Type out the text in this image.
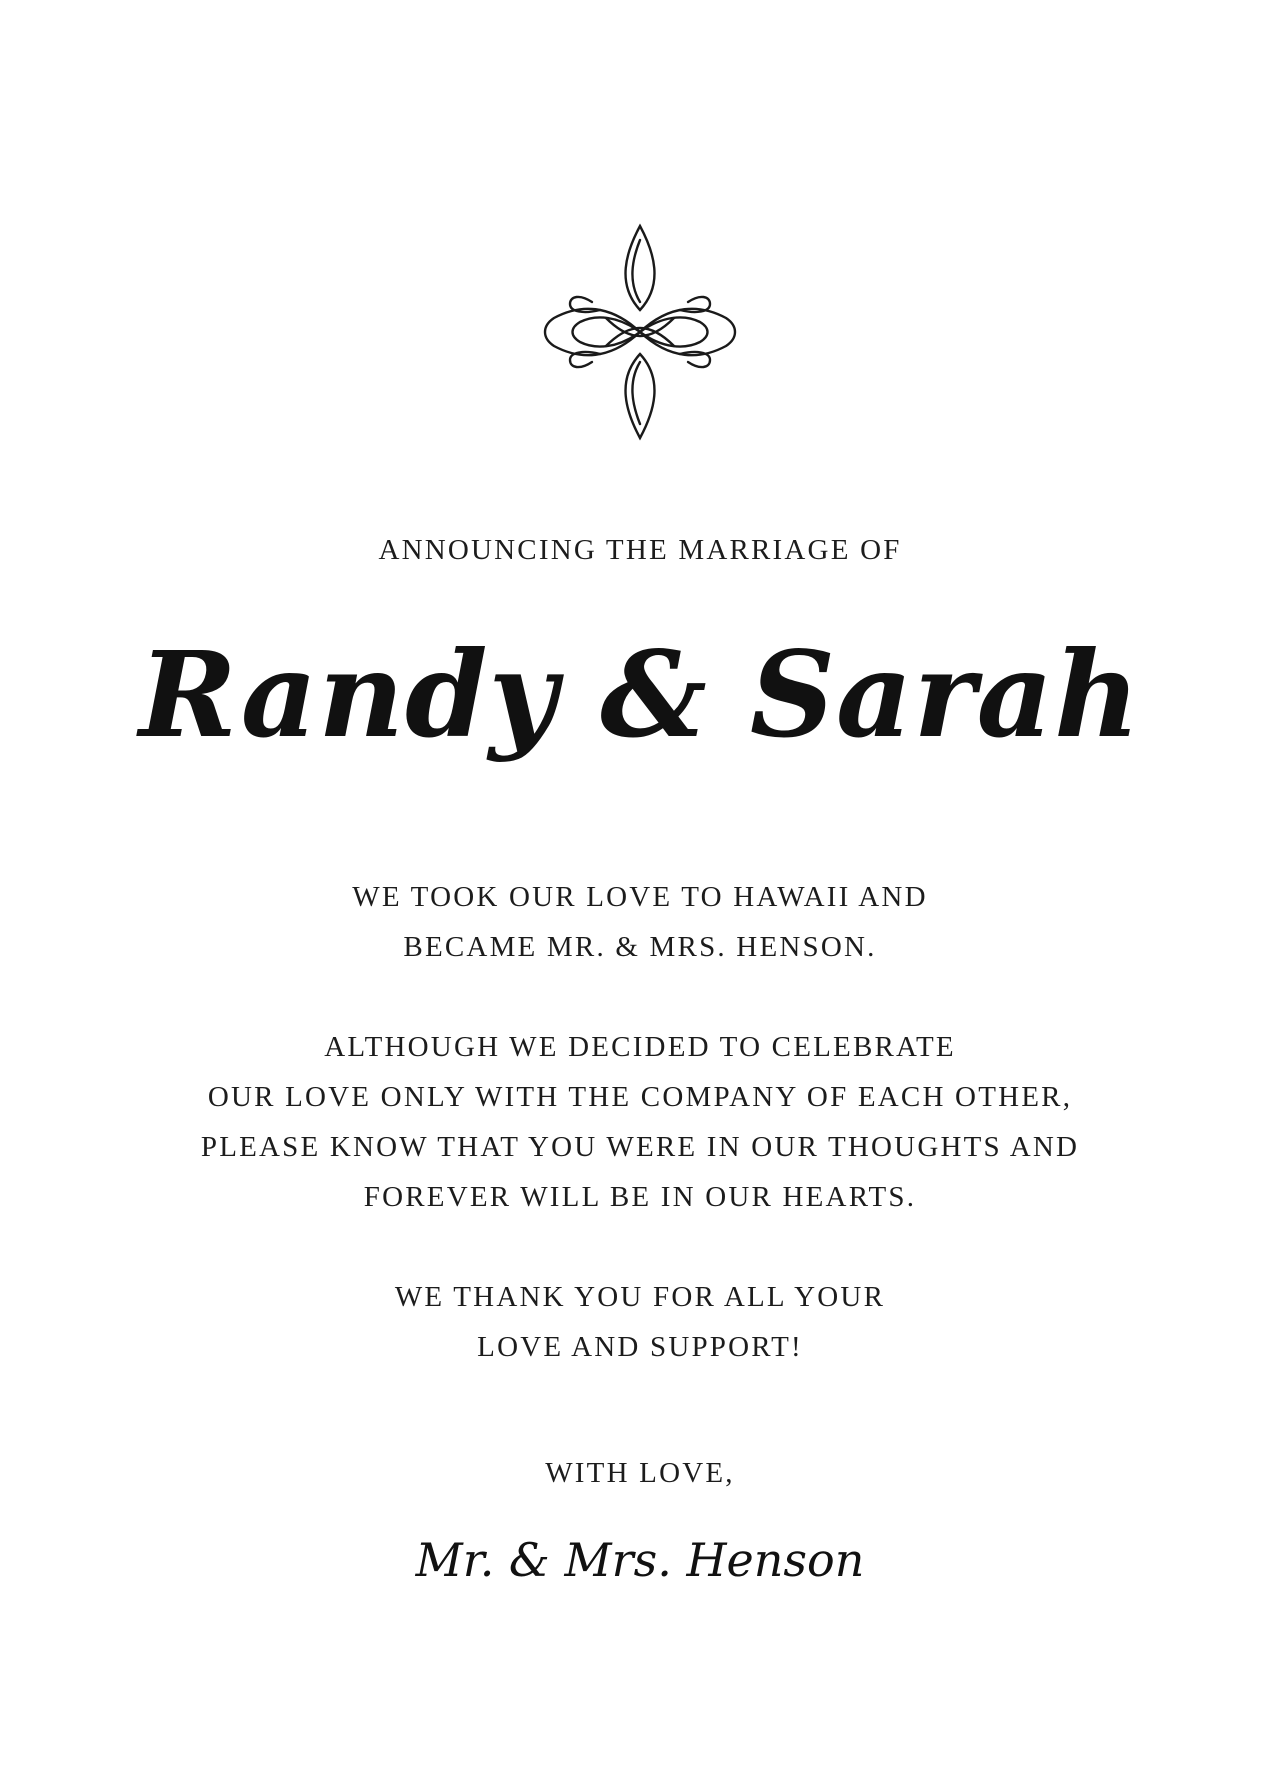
ANNOUNCING THE MARRIAGE OF

Randy & Sarah
WE TOOK OUR LOVE TO HAWAII AND
BECAME MR. & MRS. HENSON.
ALTHOUGH WE DECIDED TO CELEBRATE
OUR LOVE ONLY WITH THE COMPANY OF EACH OTHER,
PLEASE KNOW THAT YOU WERE IN OUR THOUGHTS AND
FOREVER WILL BE IN OUR HEARTS.
WE THANK YOU FOR ALL YOUR
LOVE AND SUPPORT!

WITH LOVE,

Mr. & Mrs. Henson
